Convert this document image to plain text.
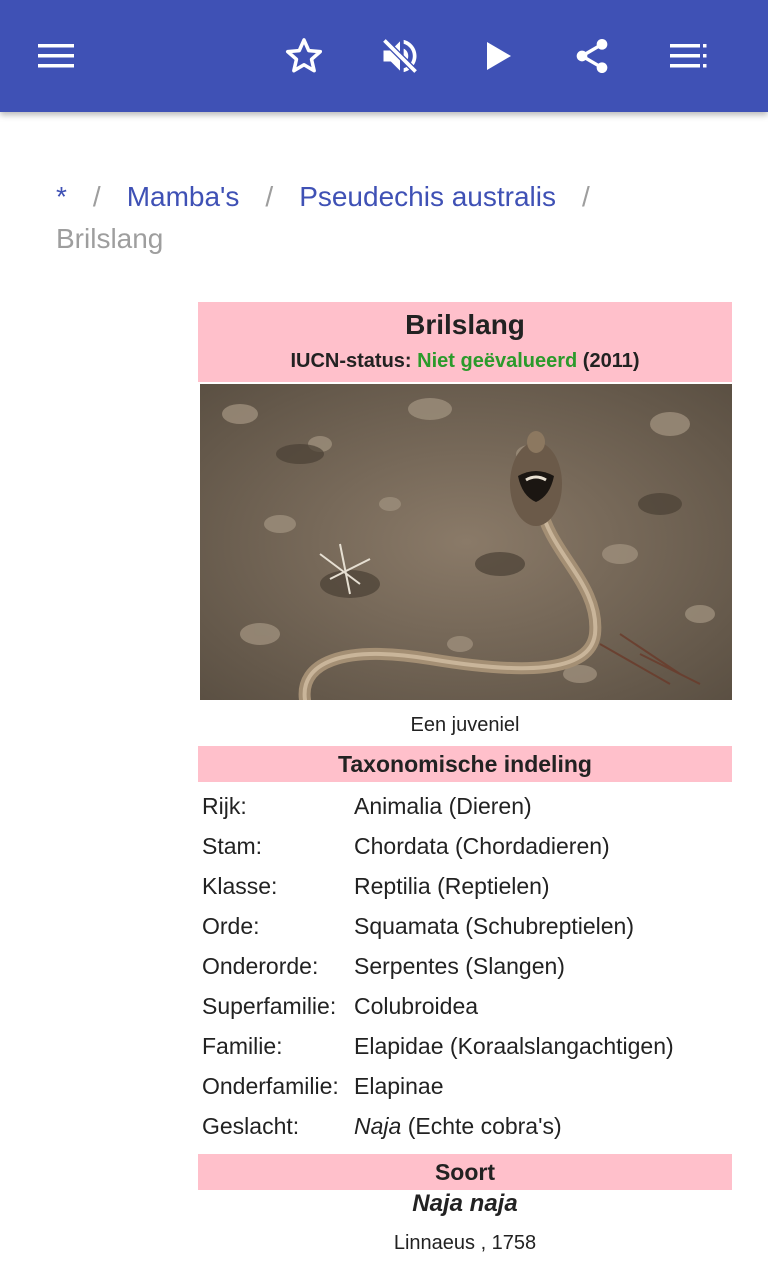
* / Mamba's / Pseudechis australis /
Brilslang
Brilslang
IUCN-status: Niet geëvalueerd (2011)
Een juveniel
Taxonomische indeling
Rijk:	Animalia (Dieren)
Stam:	Chordata (Chordadieren)
Klasse:	Reptilia (Reptielen)
Orde:	Squamata (Schubreptielen)
Onderorde: Serpentes (Slangen)
Superfamilie: Colubroidea
Familie:	Elapidae (Koraalslangachtigen)
Onderfamilie: Elapinae
Geslacht: Naja (Echte cobra's)
Soort
Naja naja
Linnaeus , 1758
